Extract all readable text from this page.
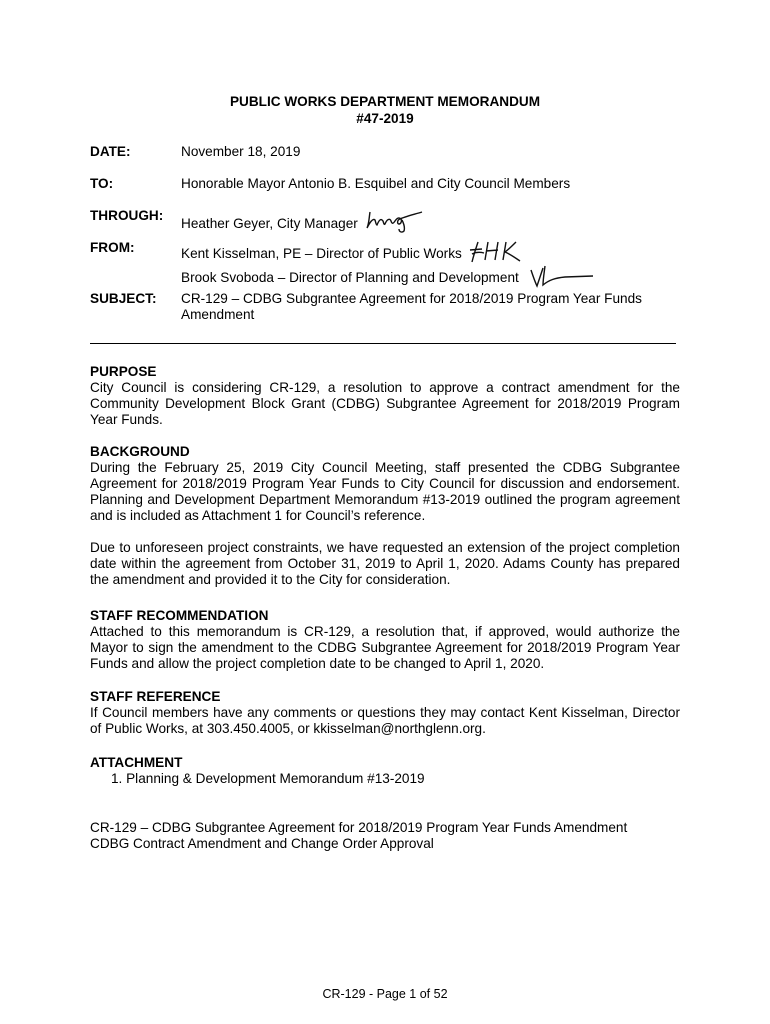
PUBLIC WORKS DEPARTMENT MEMORANDUM
#47-2019
DATE:	November 18, 2019
TO:	Honorable Mayor Antonio B. Esquibel and City Council Members
THROUGH:
Heather Geyer, City Manager
FROM:	Kent Kisselman, PE – Director of Public Works
Brook Svoboda – Director of Planning and Development
SUBJECT: CR-129 – CDBG Subgrantee Agreement for 2018/2019 Program Year Funds Amendment
PURPOSE

City Council is considering CR-129, a resolution to approve a contract amendment for the Community Development Block Grant (CDBG) Subgrantee Agreement for 2018/2019 Program Year Funds.

BACKGROUND

During the February 25, 2019 City Council Meeting, staff presented the CDBG Subgrantee Agreement for 2018/2019 Program Year Funds to City Council for discussion and endorsement. Planning and Development Department Memorandum #13-2019 outlined the program agreement and is included as Attachment 1 for Council’s reference.

Due to unforeseen project constraints, we have requested an extension of the project completion date within the agreement from October 31, 2019 to April 1, 2020. Adams County has prepared the amendment and provided it to the City for consideration.

STAFF RECOMMENDATION

Attached to this memorandum is CR-129, a resolution that, if approved, would authorize the Mayor to sign the amendment to the CDBG Subgrantee Agreement for 2018/2019 Program Year Funds and allow the project completion date to be changed to April 1, 2020.

STAFF REFERENCE

If Council members have any comments or questions they may contact Kent Kisselman, Director of Public Works, at 303.450.4005, or kkisselman@northglenn.org.

ATTACHMENT
1. Planning & Development Memorandum #13-2019
CR-129 – CDBG Subgrantee Agreement for 2018/2019 Program Year Funds Amendment
CDBG Contract Amendment and Change Order Approval
CR-129 - Page 1 of 52
